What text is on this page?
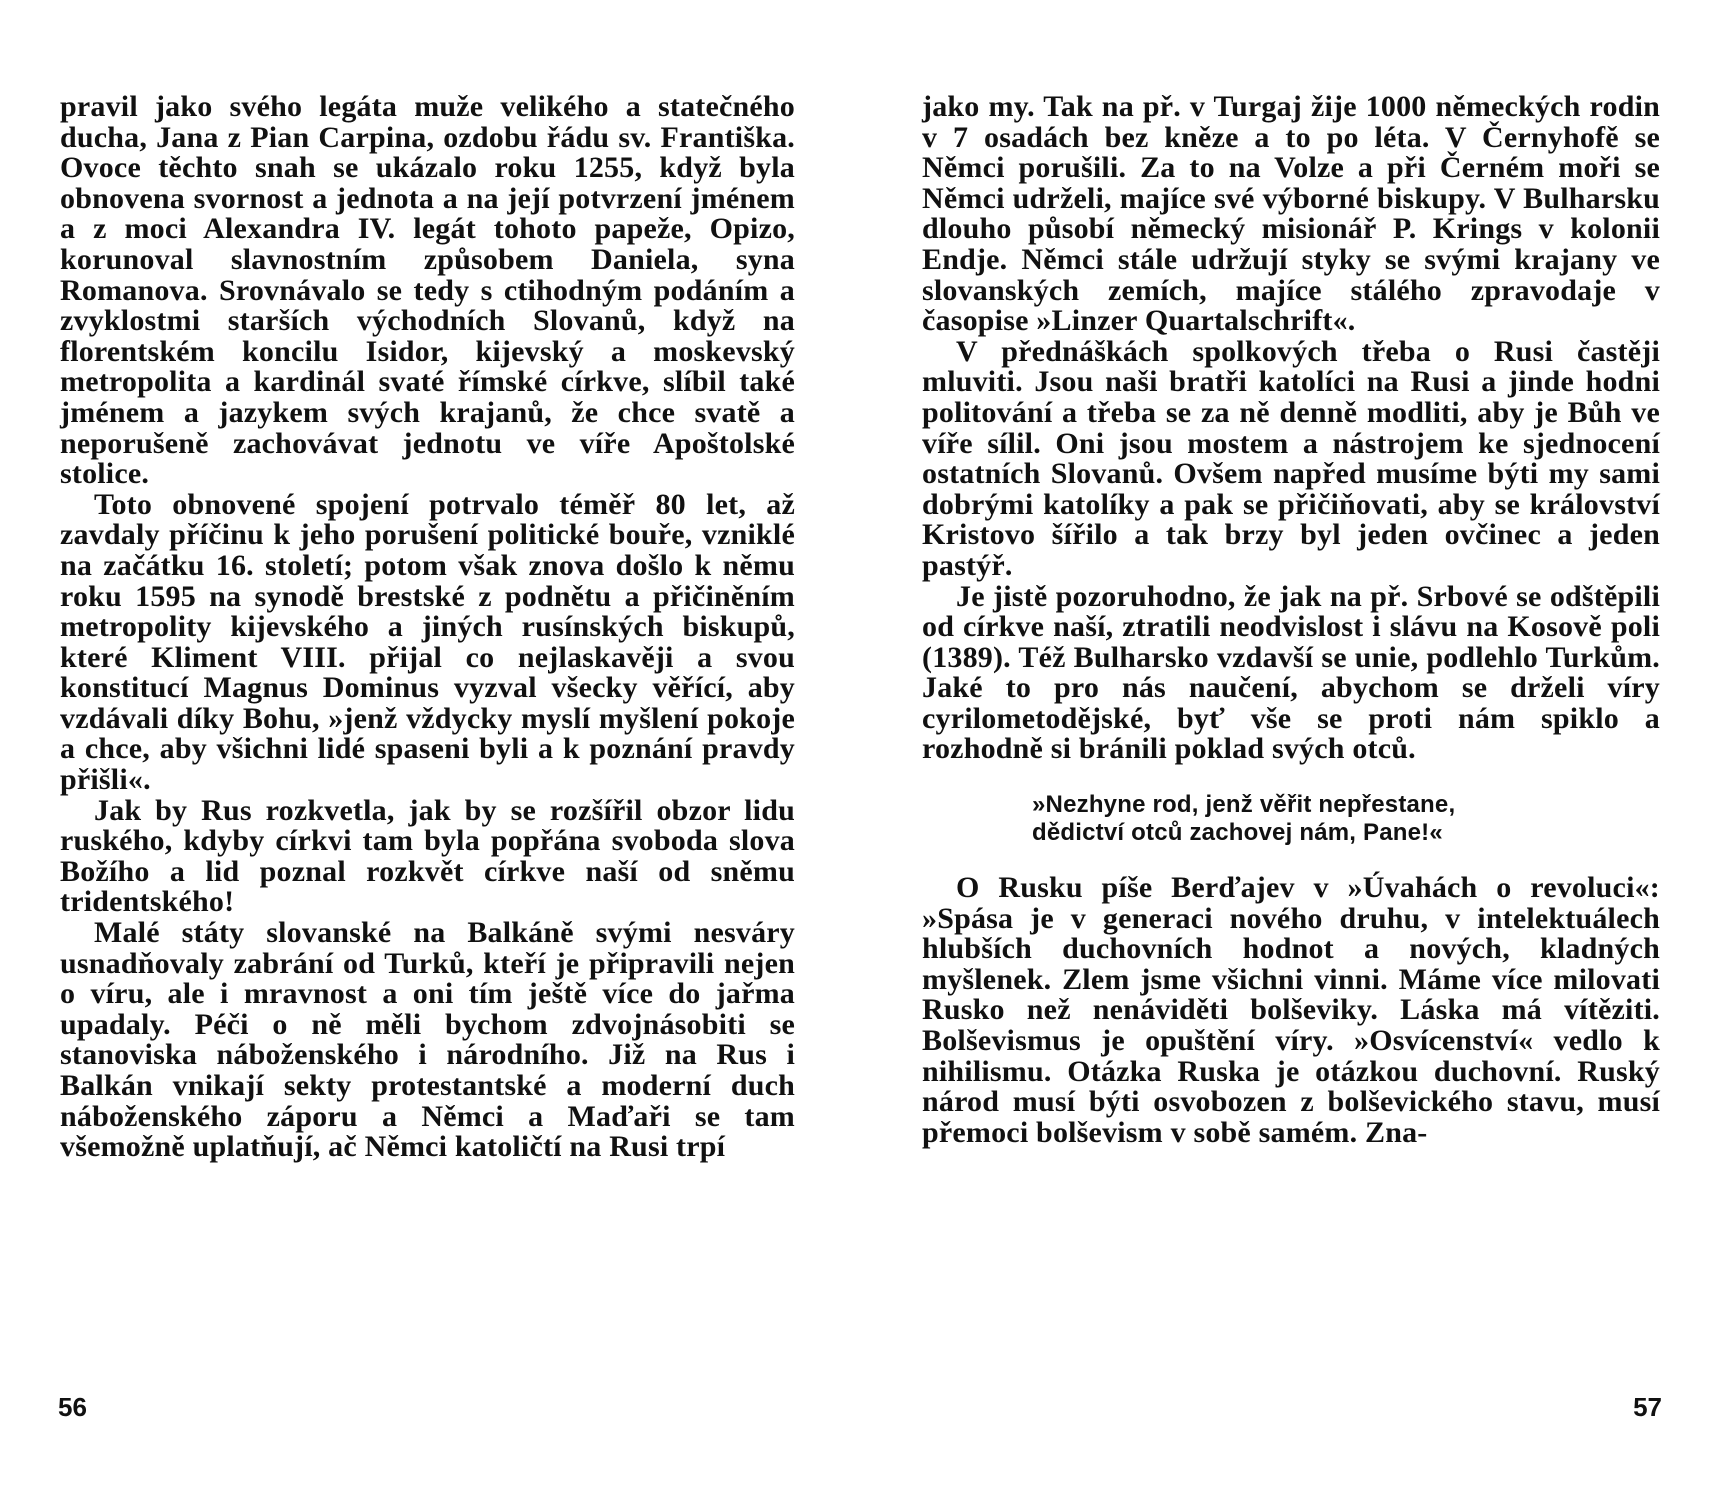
pravil jako svého legáta muže velikého a statečného ducha, Jana z Pian Carpina, ozdobu řádu sv. Františka. Ovoce těchto snah se ukázalo roku 1255, když byla obnovena svornost a jednota a na její potvrzení jménem a z moci Alexandra IV. legát tohoto papeže, Opizo, korunoval slavnostním způsobem Daniela, syna Romanova. Srovnávalo se tedy s ctihodným podáním a zvyklostmi starších východních Slovanů, když na florentském koncilu Isidor, kijevský a moskevský metropolita a kardinál svaté římské církve, slíbil také jménem a jazykem svých krajanů, že chce svatě a neporušeně zachovávat jednotu ve víře Apoštolské stolice.

Toto obnovené spojení potrvalo téměř 80 let, až zavdaly příčinu k jeho porušení politické bouře, vzniklé na začátku 16. století; potom však znova došlo k němu roku 1595 na synodě brestské z podnětu a přičiněním metropolity kijevského a jiných rusínských biskupů, které Kliment VIII. přijal co nejlaskavěji a svou konstitucí Magnus Dominus vyzval všecky věřící, aby vzdávali díky Bohu, »jenž vždycky myslí myšlení pokoje a chce, aby všichni lidé spaseni byli a k poznání pravdy přišli«.

Jak by Rus rozkvetla, jak by se rozšířil obzor lidu ruského, kdyby církvi tam byla popřána svoboda slova Božího a lid poznal rozkvět církve naší od sněmu tridentského!

Malé státy slovanské na Balkáně svými nesváry usnadňovaly zabrání od Turků, kteří je připravili nejen o víru, ale i mravnost a oni tím ještě více do jařma upadaly. Péči o ně měli bychom zdvojnásobiti se stanoviska náboženského i národního. Již na Rus i Balkán vnikají sekty protestantské a moderní duch náboženského záporu a Němci a Maďaři se tam všemožně uplatňují, ač Němci katoličtí na Rusi trpí

56

jako my. Tak na př. v Turgaj žije 1000 německých rodin v 7 osadách bez kněze a to po léta. V Černyhofě se Němci porušili. Za to na Volze a při Černém moři se Němci udrželi, majíce své výborné biskupy. V Bulharsku dlouho působí německý misionář P. Krings v kolonii Endje. Němci stále udržují styky se svými krajany ve slovanských zemích, majíce stálého zpravodaje v časopise »Linzer Quartalschrift«.

V přednáškách spolkových třeba o Rusi častěji mluviti. Jsou naši bratři katolíci na Rusi a jinde hodni politování a třeba se za ně denně modliti, aby je Bůh ve víře sílil. Oni jsou mostem a nástrojem ke sjednocení ostatních Slovanů. Ovšem napřed musíme býti my sami dobrými katolíky a pak se přičiňovati, aby se království Kristovo šířilo a tak brzy byl jeden ovčinec a jeden pastýř.

Je jistě pozoruhodno, že jak na př. Srbové se odštěpili od církve naší, ztratili neodvislost i slávu na Kosově poli (1389). Též Bulharsko vzdavší se unie, podlehlo Turkům. Jaké to pro nás naučení, abychom se drželi víry cyrilometodějské, byť vše se proti nám spiklo a rozhodně si bránili poklad svých otců.

»Nezhyne rod, jenž věřit nepřestane,
dědictví otců zachovej nám, Pane!«

O Rusku píše Berďajev v »Úvahách o revoluci«: »Spása je v generaci nového druhu, v intelektuálech hlubších duchovních hodnot a nových, kladných myšlenek. Zlem jsme všichni vinni. Máme více milovati Rusko než nenáviděti bolševiky. Láska má vítěziti. Bolševismus je opuštění víry. »Osvícenství« vedlo k nihilismu. Otázka Ruska je otázkou duchovní. Ruský národ musí býti osvobozen z bolševického stavu, musí přemoci bolševism v sobě samém. Zna-

57
